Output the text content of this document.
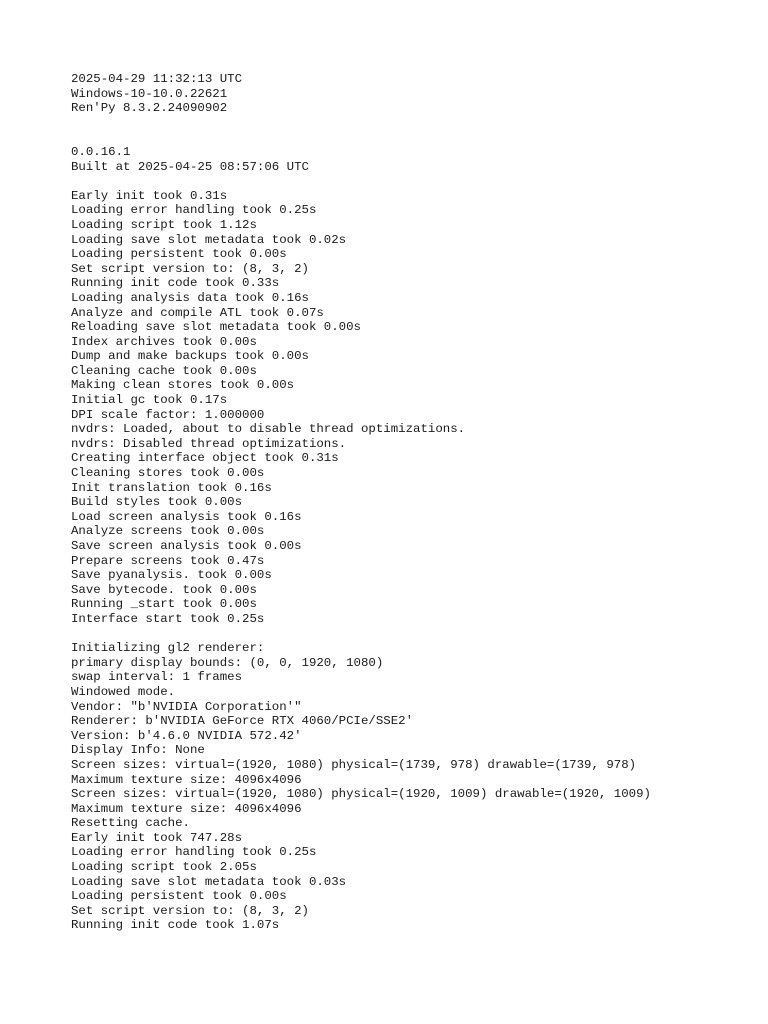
2025-04-29 11:32:13 UTC
Windows-10-10.0.22621
Ren'Py 8.3.2.24090902
0.0.16.1
Built at 2025-04-25 08:57:06 UTC
Early init took 0.31s
Loading error handling took 0.25s
Loading script took 1.12s
Loading save slot metadata took 0.02s
Loading persistent took 0.00s
Set script version to: (8, 3, 2)
Running init code took 0.33s
Loading analysis data took 0.16s
Analyze and compile ATL took 0.07s
Reloading save slot metadata took 0.00s
Index archives took 0.00s
Dump and make backups took 0.00s
Cleaning cache took 0.00s
Making clean stores took 0.00s
Initial gc took 0.17s
DPI scale factor: 1.000000
nvdrs: Loaded, about to disable thread optimizations.
nvdrs: Disabled thread optimizations.
Creating interface object took 0.31s
Cleaning stores took 0.00s
Init translation took 0.16s
Build styles took 0.00s
Load screen analysis took 0.16s
Analyze screens took 0.00s
Save screen analysis took 0.00s
Prepare screens took 0.47s
Save pyanalysis. took 0.00s
Save bytecode. took 0.00s
Running _start took 0.00s
Interface start took 0.25s
Initializing gl2 renderer:
primary display bounds: (0, 0, 1920, 1080)
swap interval: 1 frames
Windowed mode.
Vendor: "b'NVIDIA Corporation'"
Renderer: b'NVIDIA GeForce RTX 4060/PCIe/SSE2'
Version: b'4.6.0 NVIDIA 572.42'
Display Info: None
Screen sizes: virtual=(1920, 1080) physical=(1739, 978) drawable=(1739, 978)
Maximum texture size: 4096x4096
Screen sizes: virtual=(1920, 1080) physical=(1920, 1009) drawable=(1920, 1009)
Maximum texture size: 4096x4096
Resetting cache.
Early init took 747.28s
Loading error handling took 0.25s
Loading script took 2.05s
Loading save slot metadata took 0.03s
Loading persistent took 0.00s
Set script version to: (8, 3, 2)
Running init code took 1.07s
